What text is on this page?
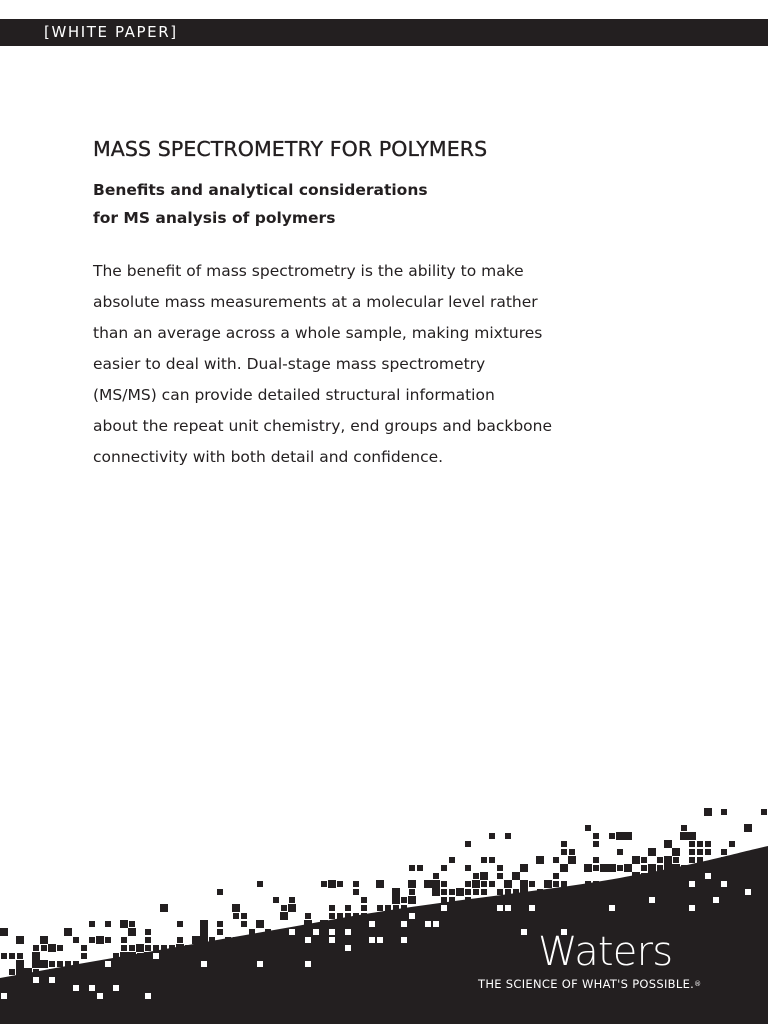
[WHITE PAPER]
MASS SPECTROMETRY FOR POLYMERS
Benefits and analytical considerations
for MS analysis of polymers
The benefit of mass spectrometry is the ability to make
absolute mass measurements at a molecular level rather
than an average across a whole sample, making mixtures
easier to deal with. Dual-stage mass spectrometry
(MS/MS) can provide detailed structural information
about the repeat unit chemistry, end groups and backbone
connectivity with both detail and confidence.
Waters
THE SCIENCE OF WHAT'S POSSIBLE.®
